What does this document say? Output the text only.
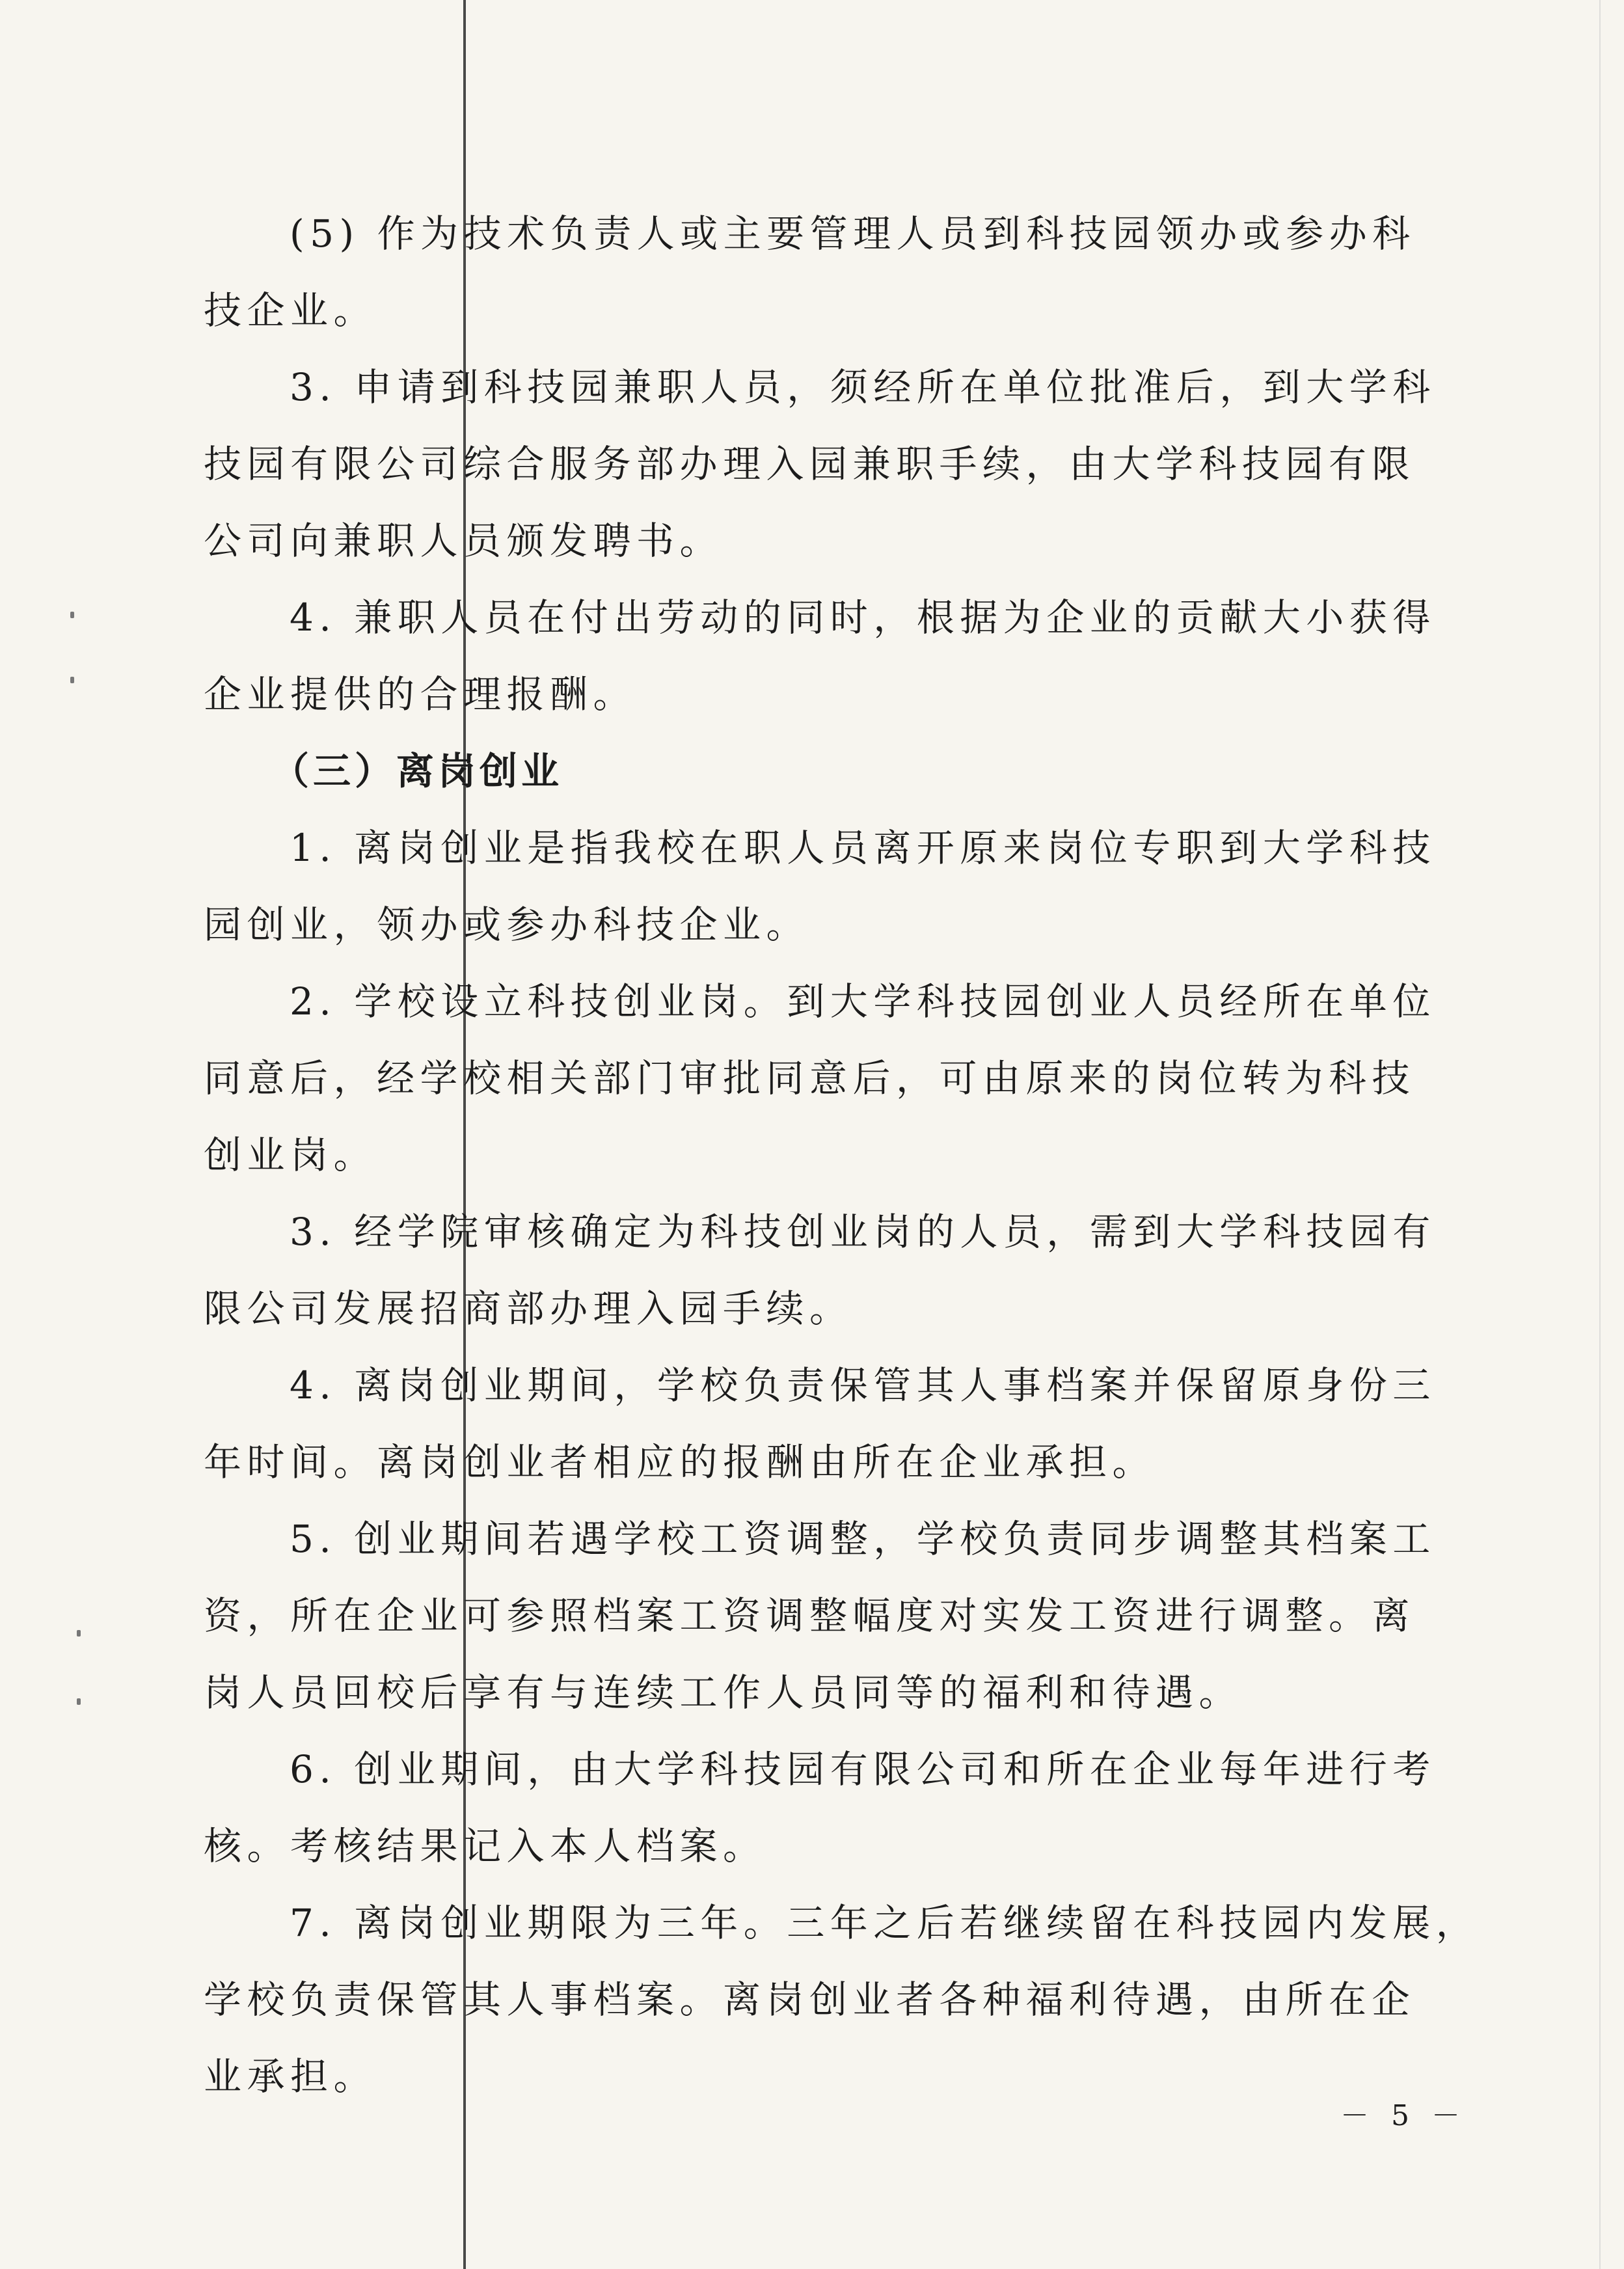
(5) 作为技术负责人或主要管理人员到科技园领办或参办科
技企业。
3. 申请到科技园兼职人员，须经所在单位批准后，到大学科
技园有限公司综合服务部办理入园兼职手续，由大学科技园有限
公司向兼职人员颁发聘书。
4. 兼职人员在付出劳动的同时，根据为企业的贡献大小获得
企业提供的合理报酬。
（三）离岗创业
1. 离岗创业是指我校在职人员离开原来岗位专职到大学科技
园创业，领办或参办科技企业。
2. 学校设立科技创业岗。到大学科技园创业人员经所在单位
同意后，经学校相关部门审批同意后，可由原来的岗位转为科技
创业岗。
3. 经学院审核确定为科技创业岗的人员，需到大学科技园有
限公司发展招商部办理入园手续。
4. 离岗创业期间，学校负责保管其人事档案并保留原身份三
年时间。离岗创业者相应的报酬由所在企业承担。
5. 创业期间若遇学校工资调整，学校负责同步调整其档案工
资，所在企业可参照档案工资调整幅度对实发工资进行调整。离
岗人员回校后享有与连续工作人员同等的福利和待遇。
6. 创业期间，由大学科技园有限公司和所在企业每年进行考
核。考核结果记入本人档案。
7. 离岗创业期限为三年。三年之后若继续留在科技园内发展，
学校负责保管其人事档案。离岗创业者各种福利待遇，由所在企
业承担。
－ 5 －
